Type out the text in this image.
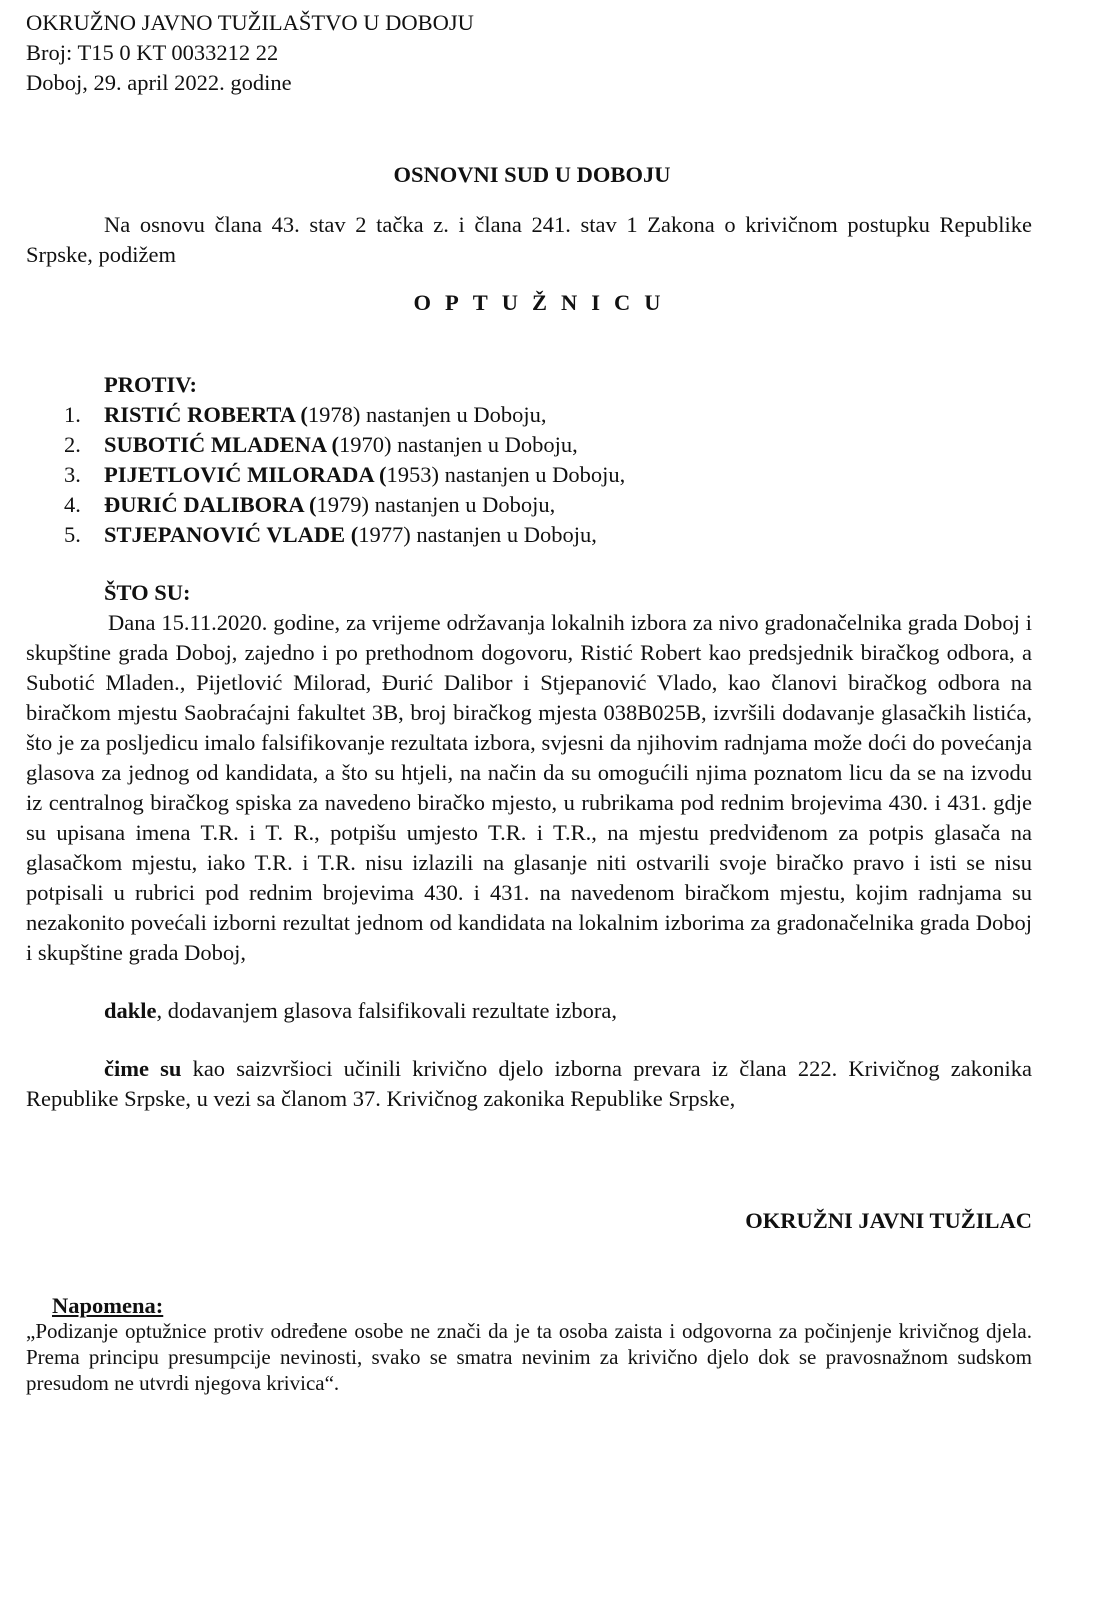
OKRUŽNO JAVNO TUŽILAŠTVO U DOBOJU
Broj: T15 0 KT 0033212 22
Doboj, 29. april 2022. godine
OSNOVNI SUD U DOBOJU
Na osnovu člana 43. stav 2 tačka z. i člana 241. stav 1 Zakona o krivičnom postupku Republike Srpske, podižem
OPTUŽNICU
PROTIV:
1.	RISTIĆ ROBERTA (1978) nastanjen u Doboju,
2.	SUBOTIĆ MLADENA (1970) nastanjen u Doboju,
3.	PIJETLOVIĆ MILORADA (1953) nastanjen u Doboju,
4.	ĐURIĆ DALIBORA (1979) nastanjen u Doboju,
5.	STJEPANOVIĆ VLADE (1977) nastanjen u Doboju,
ŠTO SU:
Dana 15.11.2020. godine, za vrijeme održavanja lokalnih izbora za nivo gradonačelnika grada Doboj i skupštine grada Doboj, zajedno i po prethodnom dogovoru, Ristić Robert kao predsjednik biračkog odbora, a Subotić Mladen., Pijetlović Milorad, Đurić Dalibor i Stjepanović Vlado, kao članovi biračkog odbora na biračkom mjestu Saobraćajni fakultet 3B, broj biračkog mjesta 038B025B, izvršili dodavanje glasačkih listića, što je za posljedicu imalo falsifikovanje rezultata izbora, svjesni da njihovim radnjama može doći do povećanja glasova za jednog od kandidata, a što su htjeli, na način da su omogućili njima poznatom licu da se na izvodu iz centralnog biračkog spiska za navedeno biračko mjesto, u rubrikama pod rednim brojevima 430. i 431. gdje su upisana imena T.R. i T. R., potpišu umjesto T.R. i T.R., na mjestu predviđenom za potpis glasača na glasačkom mjestu, iako T.R. i T.R. nisu izlazili na glasanje niti ostvarili svoje biračko pravo i isti se nisu potpisali u rubrici pod rednim brojevima 430. i 431. na navedenom biračkom mjestu, kojim radnjama su nezakonito povećali izborni rezultat jednom od kandidata na lokalnim izborima za gradonačelnika grada Doboj i skupštine grada Doboj,
dakle, dodavanjem glasova falsifikovali rezultate izbora,
čime su kao saizvršioci učinili krivično djelo izborna prevara iz člana 222. Krivičnog zakonika Republike Srpske, u vezi sa članom 37. Krivičnog zakonika Republike Srpske,
OKRUŽNI JAVNI TUŽILAC
Napomena:
„Podizanje optužnice protiv određene osobe ne znači da je ta osoba zaista i odgovorna za počinjenje krivičnog djela. Prema principu presumpcije nevinosti, svako se smatra nevinim za krivično djelo dok se pravosnažnom sudskom presudom ne utvrdi njegova krivica“.
